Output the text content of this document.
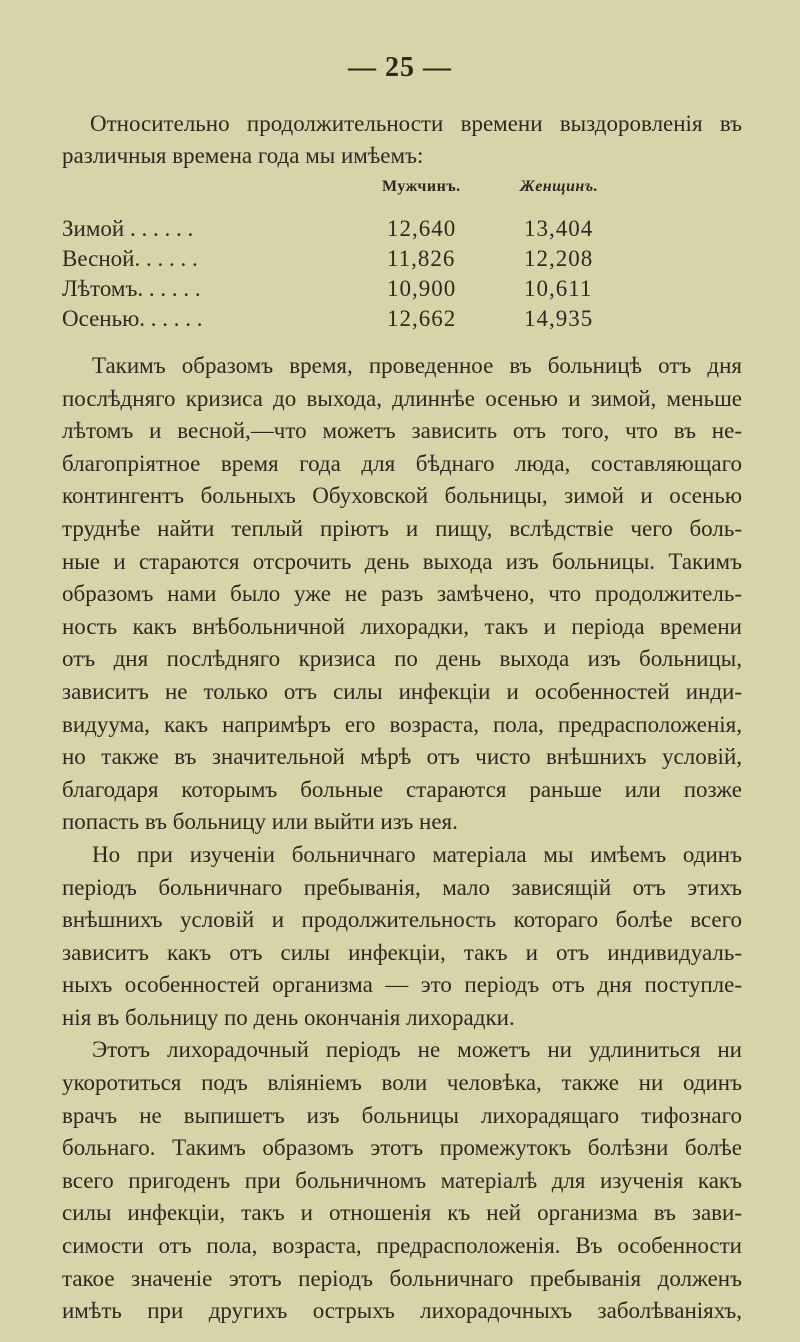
— 25 —
Относительно продолжительности времени выздоровленія въ
различныя времена года мы имѣемъ:
Мужчинъ.	Женщинъ.
Зимой . . . . . .	12,640	13,404
Весной. . . . . .	11,826	12,208
Лѣтомъ. . . . . .	10,900	10,611
Осенью. . . . . .	12,662	14,935
Такимъ образомъ время, проведенное въ больницѣ отъ дня
послѣдняго кризиса до выхода, длиннѣе осенью и зимой, меньше
лѣтомъ и весной,—что можетъ зависить отъ того, что въ не-
благопріятное время года для бѣднаго люда, составляющаго
контингентъ больныхъ Обуховской больницы, зимой и осенью
труднѣе найти теплый пріютъ и пищу, вслѣдствіе чего боль-
ные и стараются отсрочить день выхода изъ больницы. Такимъ
образомъ нами было уже не разъ замѣчено, что продолжитель-
ность какъ внѣбольничной лихорадки, такъ и періода времени
отъ дня послѣдняго кризиса по день выхода изъ больницы,
зависитъ не только отъ силы инфекціи и особенностей инди-
видуума, какъ напримѣръ его возраста, пола, предрасположенія,
но также въ значительной мѣрѣ отъ чисто внѣшнихъ условій,
благодаря которымъ больные стараются раньше или позже
попасть въ больницу или выйти изъ нея.
Но при изученіи больничнаго матеріала мы имѣемъ одинъ
періодъ больничнаго пребыванія, мало зависящій отъ этихъ
внѣшнихъ условій и продолжительность котораго болѣе всего
зависитъ какъ отъ силы инфекціи, такъ и отъ индивидуаль-
ныхъ особенностей организма — это періодъ отъ дня поступле-
нія въ больницу по день окончанія лихорадки.
Этотъ лихорадочный періодъ не можетъ ни удлиниться ни
укоротиться подъ вліяніемъ воли человѣка, также ни одинъ
врачъ не выпишетъ изъ больницы лихорадящаго тифознаго
больнаго. Такимъ образомъ этотъ промежутокъ болѣзни болѣе
всего пригоденъ при больничномъ матеріалѣ для изученія какъ
силы инфекціи, такъ и отношенія къ ней организма въ зави-
симости отъ пола, возраста, предрасположенія. Въ особенности
такое значеніе этотъ періодъ больничнаго пребыванія долженъ
имѣть при другихъ острыхъ лихорадочныхъ заболѣваніяхъ,
